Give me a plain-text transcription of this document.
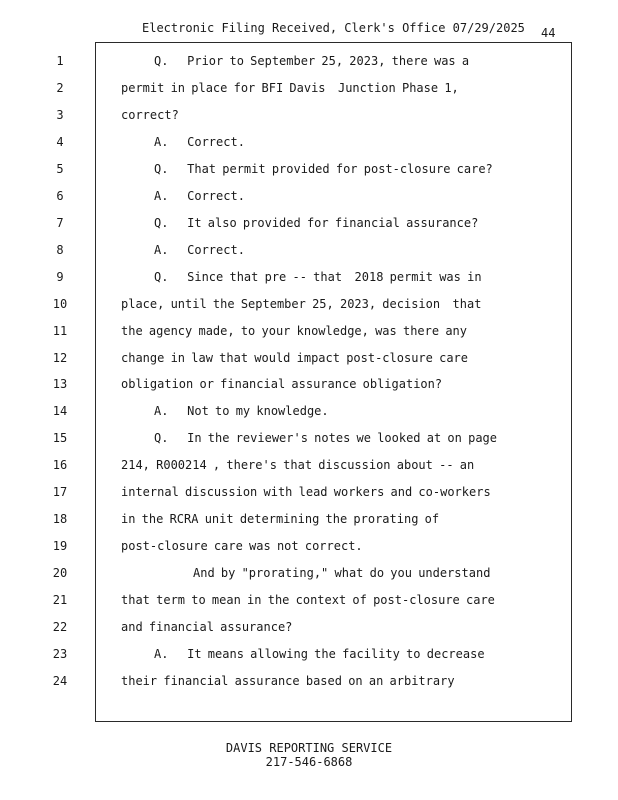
Electronic Filing Received, Clerk's Office 07/29/2025 44
1	Q.   Prior to September 25, 2023, there was a
2	permit in place for BFI Davis  Junction Phase 1,
3	correct?
4	A.   Correct.
5	Q.   That permit provided for post-closure care?
6	A.   Correct.
7	Q.   It also provided for financial assurance?
8	A.   Correct.
9	Q.   Since that pre -- that  2018 permit was in
10	place, until the September 25, 2023, decision  that
11	the agency made, to your knowledge, was there any
12	change in law that would impact post-closure care
13	obligation or financial assurance obligation?
14	A.   Not to my knowledge.
15	Q.   In the reviewer's notes we looked at on page
16	214, R000214 , there's that discussion about -- an
17	internal discussion with lead workers and co-workers
18	in the RCRA unit determining the prorating of
19	post-closure care was not correct.
20	And by "prorating," what do you understand
21	that term to mean in the context of post-closure care
22	and financial assurance?
23	A.   It means allowing the facility to decrease
24	their financial assurance based on an arbitrary
DAVIS REPORTING SERVICE
217-546-6868
